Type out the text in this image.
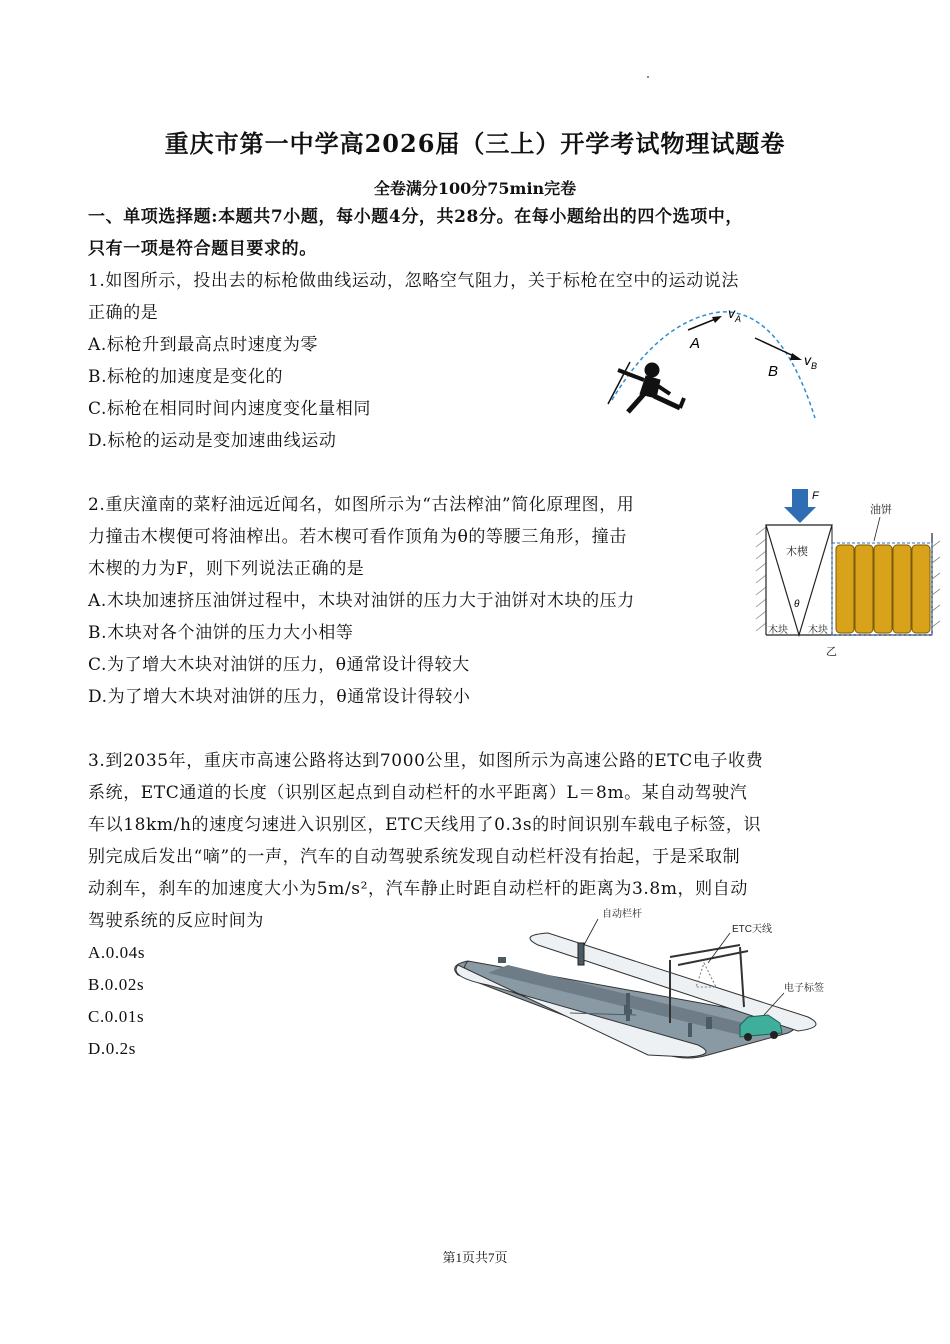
重庆市第一中学高2026届（三上）开学考试物理试题卷
全卷满分100分75min完卷
一、单项选择题:本题共7小题，每小题4分，共28分。在每小题给出的四个选项中，
只有一项是符合题目要求的。
1.如图所示，投出去的标枪做曲线运动，忽略空气阻力，关于标枪在空中的运动说法
正确的是
A.标枪升到最高点时速度为零
B.标枪的加速度是变化的
C.标枪在相同时间内速度变化量相同
D.标枪的运动是变加速曲线运动
$v_A$
$v_B$
A
B
2.重庆潼南的菜籽油远近闻名，如图所示为“古法榨油”简化原理图，用
力撞击木楔便可将油榨出。若木楔可看作顶角为θ的等腰三角形，撞击
木楔的力为F，则下列说法正确的是
A.木块加速挤压油饼过程中，木块对油饼的压力大于油饼对木块的压力
B.木块对各个油饼的压力大小相等
C.为了增大木块对油饼的压力，θ通常设计得较大
D.为了增大木块对油饼的压力，θ通常设计得较小
F
木楔
θ
木块 木块
油饼
乙
3.到2035年，重庆市高速公路将达到7000公里，如图所示为高速公路的ETC电子收费
系统，ETC通道的长度（识别区起点到自动栏杆的水平距离）L＝8m。某自动驾驶汽
车以18km/h的速度匀速进入识别区，ETC天线用了0.3s的时间识别车载电子标签，识
别完成后发出“嘀”的一声，汽车的自动驾驶系统发现自动栏杆没有抬起，于是采取制
动刹车，刹车的加速度大小为5m/s²，汽车静止时距自动栏杆的距离为3.8m，则自动
驾驶系统的反应时间为
A.0.04s
B.0.02s
C.0.01s
D.0.2s
自动栏杆
ETC天线
电子标签
第1页共7页
